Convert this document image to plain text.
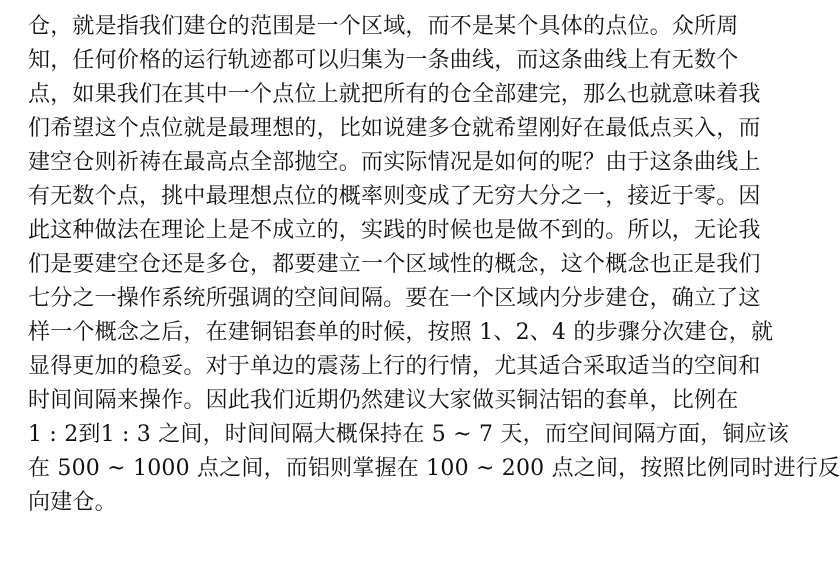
仓，就是指我们建仓的范围是一个区域，而不是某个具体的点位。众所周
知，任何价格的运行轨迹都可以归集为一条曲线，而这条曲线上有无数个
点，如果我们在其中一个点位上就把所有的仓全部建完，那么也就意味着我
们希望这个点位就是最理想的，比如说建多仓就希望刚好在最低点买入，而
建空仓则祈祷在最高点全部抛空。而实际情况是如何的呢？由于这条曲线上
有无数个点，挑中最理想点位的概率则变成了无穷大分之一，接近于零。因
此这种做法在理论上是不成立的，实践的时候也是做不到的。所以，无论我
们是要建空仓还是多仓，都要建立一个区域性的概念，这个概念也正是我们
七分之一操作系统所强调的空间间隔。要在一个区域内分步建仓，确立了这
样一个概念之后，在建铜铝套单的时候，按照 1、2、4 的步骤分次建仓，就
显得更加的稳妥。对于单边的震荡上行的行情，尤其适合采取适当的空间和
时间间隔来操作。因此我们近期仍然建议大家做买铜沽铝的套单，比例在
1 : 2到1 : 3 之间，时间间隔大概保持在 5 ~ 7 天，而空间间隔方面，铜应该
在 500 ~ 1000 点之间，而铝则掌握在 100 ~ 200 点之间，按照比例同时进行反
向建仓。
